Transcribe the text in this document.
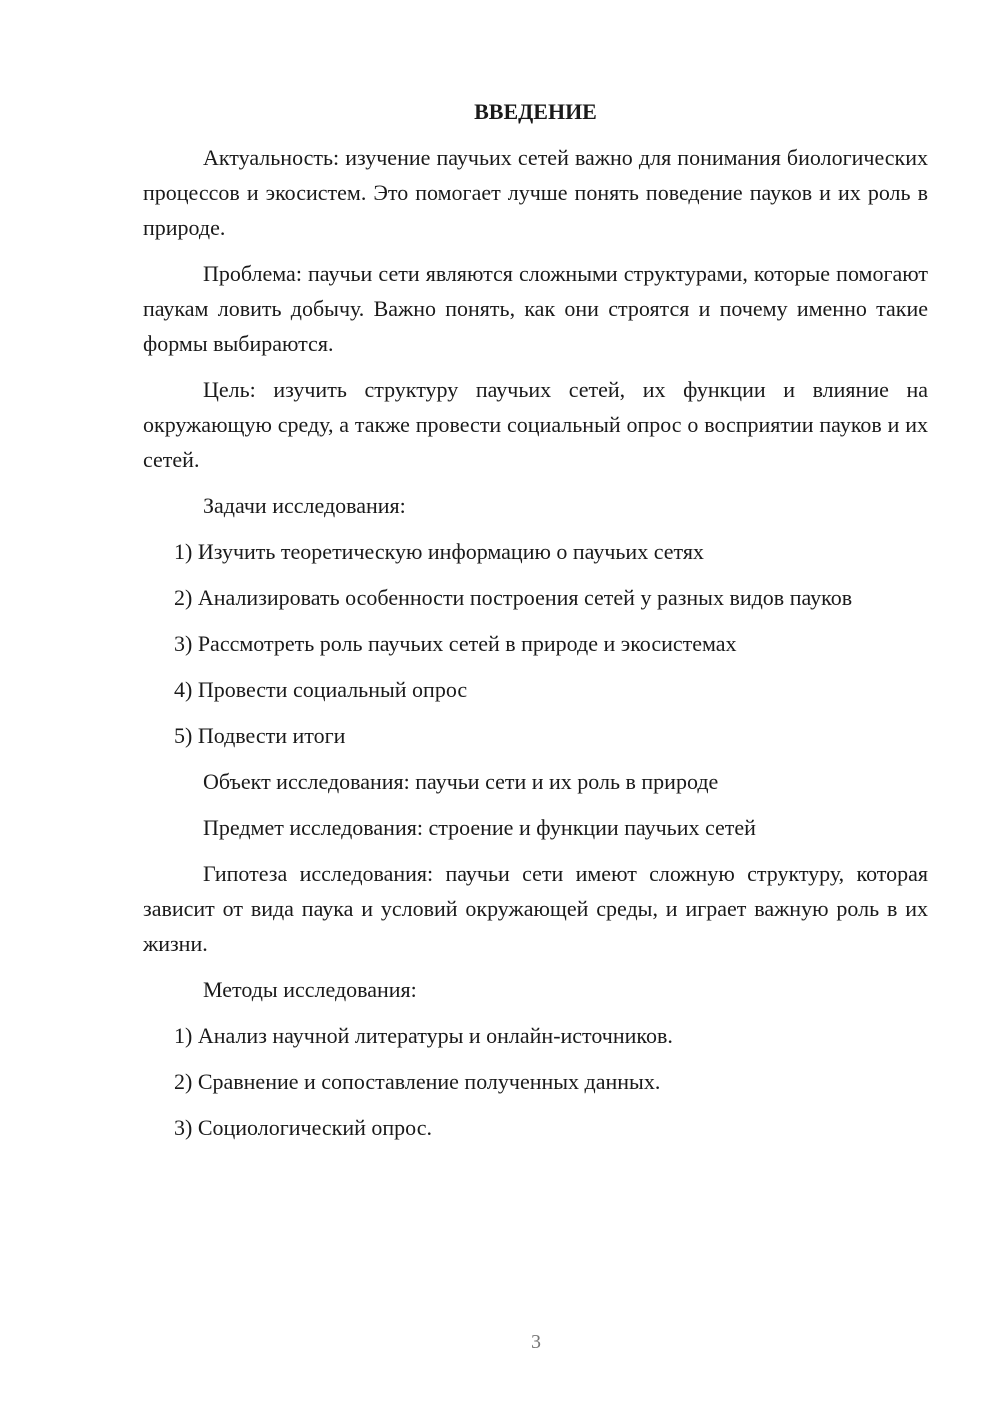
ВВЕДЕНИЕ

Актуальность: изучение паучьих сетей важно для понимания биологических процессов и экосистем. Это помогает лучше понять поведение пауков и их роль в природе.

Проблема: паучьи сети являются сложными структурами, которые помогают паукам ловить добычу. Важно понять, как они строятся и почему именно такие формы выбираются.

Цель: изучить структуру паучьих сетей, их функции и влияние на окружающую среду, а также провести социальный опрос о восприятии пауков и их сетей.

Задачи исследования:

1) Изучить теоретическую информацию о паучьих сетях

2) Анализировать особенности построения сетей у разных видов пауков

3) Рассмотреть роль паучьих сетей в природе и экосистемах

4) Провести социальный опрос

5) Подвести итоги

Объект исследования: паучьи сети и их роль в природе

Предмет исследования: строение и функции паучьих сетей

Гипотеза исследования: паучьи сети имеют сложную структуру, которая зависит от вида паука и условий окружающей среды, и играет важную роль в их жизни.

Методы исследования:

1) Анализ научной литературы и онлайн-источников.

2) Сравнение и сопоставление полученных данных.

3) Социологический опрос.

3
